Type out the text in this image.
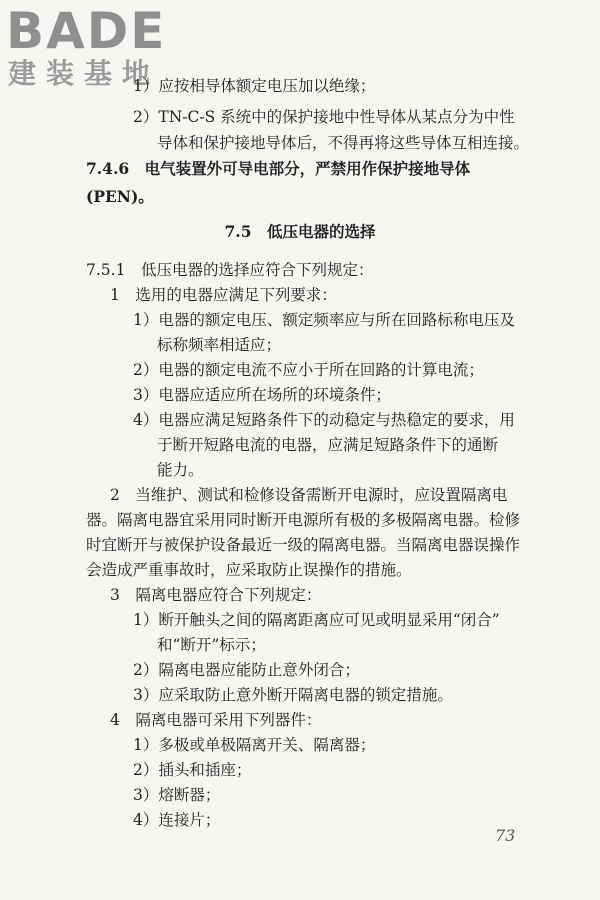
BADE
建装基地
1）应按相导体额定电压加以绝缘；
2）TN-C-S 系统中的保护接地中性导体从某点分为中性
导体和保护接地导体后，不得再将这些导体互相连接。
7.4.6　电气装置外可导电部分，严禁用作保护接地导体
(PEN)。
7.5　低压电器的选择
7.5.1　低压电器的选择应符合下列规定：
1　选用的电器应满足下列要求：
1）电器的额定电压、额定频率应与所在回路标称电压及
标称频率相适应；
2）电器的额定电流不应小于所在回路的计算电流；
3）电器应适应所在场所的环境条件；
4）电器应满足短路条件下的动稳定与热稳定的要求，用
于断开短路电流的电器，应满足短路条件下的通断
能力。
2　当维护、测试和检修设备需断开电源时，应设置隔离电
器。隔离电器宜采用同时断开电源所有极的多极隔离电器。检修
时宜断开与被保护设备最近一级的隔离电器。当隔离电器误操作
会造成严重事故时，应采取防止误操作的措施。
3　隔离电器应符合下列规定：
1）断开触头之间的隔离距离应可见或明显采用“闭合”
和“断开”标示；
2）隔离电器应能防止意外闭合；
3）应采取防止意外断开隔离电器的锁定措施。
4　隔离电器可采用下列器件：
1）多极或单极隔离开关、隔离器；
2）插头和插座；
3）熔断器；
4）连接片；
73
